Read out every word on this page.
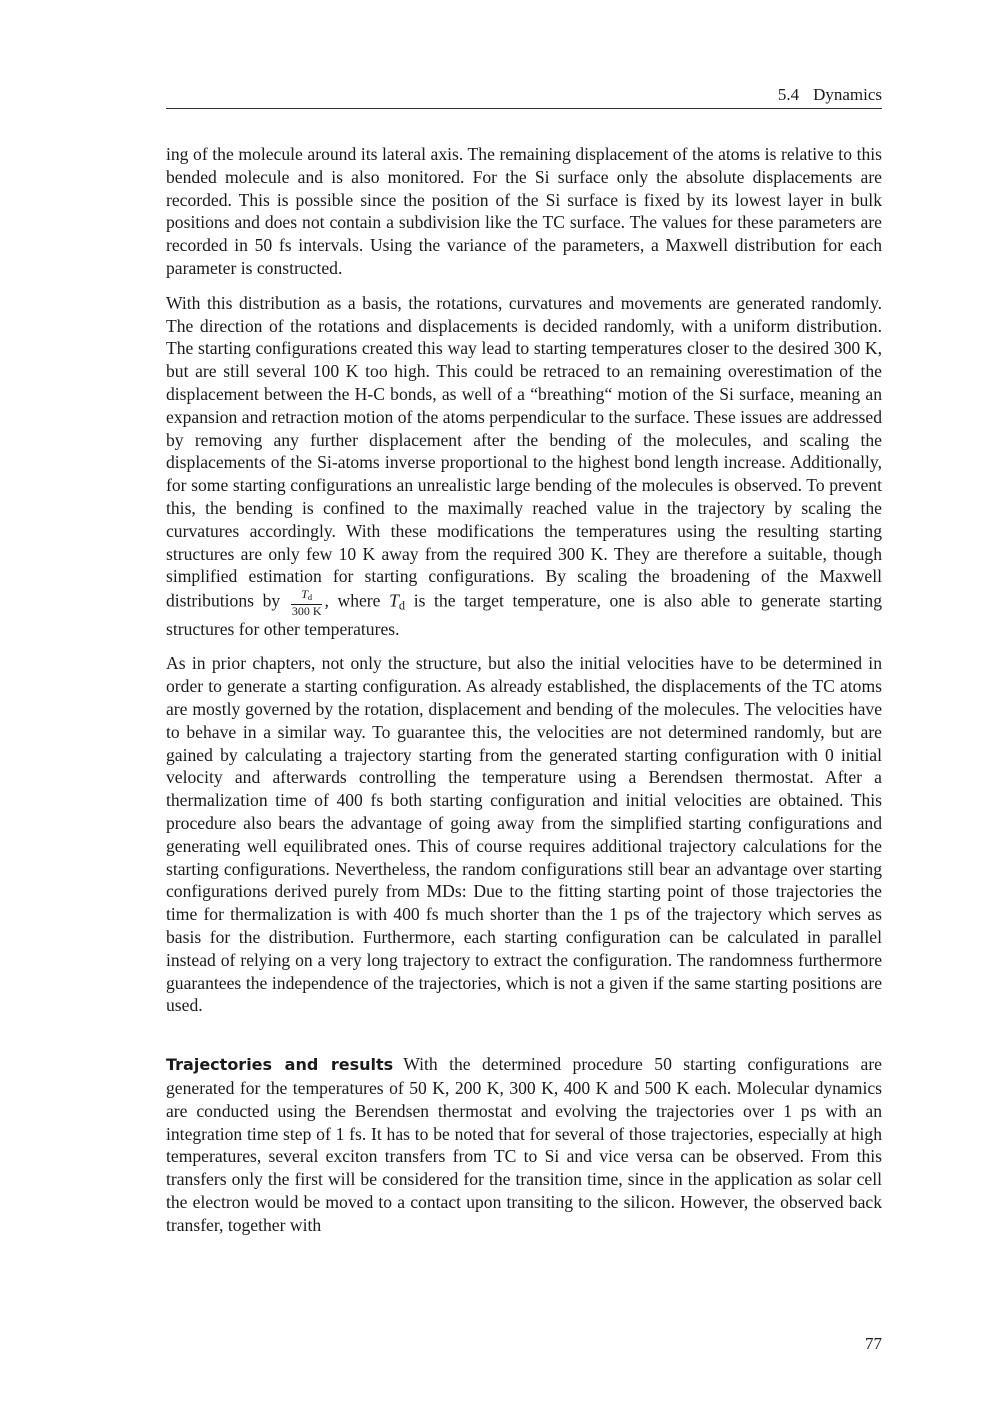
5.4 Dynamics

ing of the molecule around its lateral axis. The remaining displacement of the atoms is relative to this bended molecule and is also monitored. For the Si surface only the absolute displacements are recorded. This is possible since the position of the Si surface is fixed by its lowest layer in bulk positions and does not contain a subdivision like the TC surface. The values for these parameters are recorded in 50 fs intervals. Using the variance of the parameters, a Maxwell distribution for each parameter is constructed.

With this distribution as a basis, the rotations, curvatures and movements are generated randomly. The direction of the rotations and displacements is decided randomly, with a uniform distribution. The starting configurations created this way lead to starting temperatures closer to the desired 300 K, but are still several 100 K too high. This could be retraced to an remaining overestimation of the displacement between the H-C bonds, as well of a “breathing“ motion of the Si surface, meaning an expansion and retraction motion of the atoms perpendicular to the surface. These issues are addressed by removing any further displacement after the bending of the molecules, and scaling the displacements of the Si-atoms inverse proportional to the highest bond length increase. Additionally, for some starting configurations an unrealistic large bending of the molecules is observed. To prevent this, the bending is confined to the maximally reached value in the trajectory by scaling the curvatures accordingly. With these modifications the temperatures using the resulting starting structures are only few 10 K away from the required 300 K. They are therefore a suitable, though simplified estimation for starting configurations. By scaling the broadening of the Maxwell distributions by $\frac{T_d}{300 K}$ , where $T_d$ is the target temperature, one is also able to generate starting structures for other temperatures.

As in prior chapters, not only the structure, but also the initial velocities have to be determined in order to generate a starting configuration. As already established, the displacements of the TC atoms are mostly governed by the rotation, displacement and bending of the molecules. The velocities have to behave in a similar way. To guarantee this, the velocities are not determined randomly, but are gained by calculating a trajectory starting from the generated starting configuration with 0 initial velocity and afterwards controlling the temperature using a Berendsen thermostat. After a thermalization time of 400 fs both starting configuration and initial velocities are obtained. This procedure also bears the advantage of going away from the simplified starting configurations and generating well equilibrated ones. This of course requires additional trajectory calculations for the starting configurations. Nevertheless, the random configurations still bear an advantage over starting configurations derived purely from MDs: Due to the fitting starting point of those trajectories the time for thermalization is with 400 fs much shorter than the 1 ps of the trajectory which serves as basis for the distribution. Furthermore, each starting configuration can be calculated in parallel instead of relying on a very long trajectory to extract the configuration. The randomness furthermore guarantees the independence of the trajectories, which is not a given if the same starting positions are used.

Trajectories and results With the determined procedure 50 starting configurations are generated for the temperatures of 50 K, 200 K, 300 K, 400 K and 500 K each. Molecular dynamics are conducted using the Berendsen thermostat and evolving the trajectories over 1 ps with an integration time step of 1 fs. It has to be noted that for several of those trajectories, especially at high temperatures, several exciton transfers from TC to Si and vice versa can be observed. From this transfers only the first will be considered for the transition time, since in the application as solar cell the electron would be moved to a contact upon transiting to the silicon. However, the observed back transfer, together with

77
